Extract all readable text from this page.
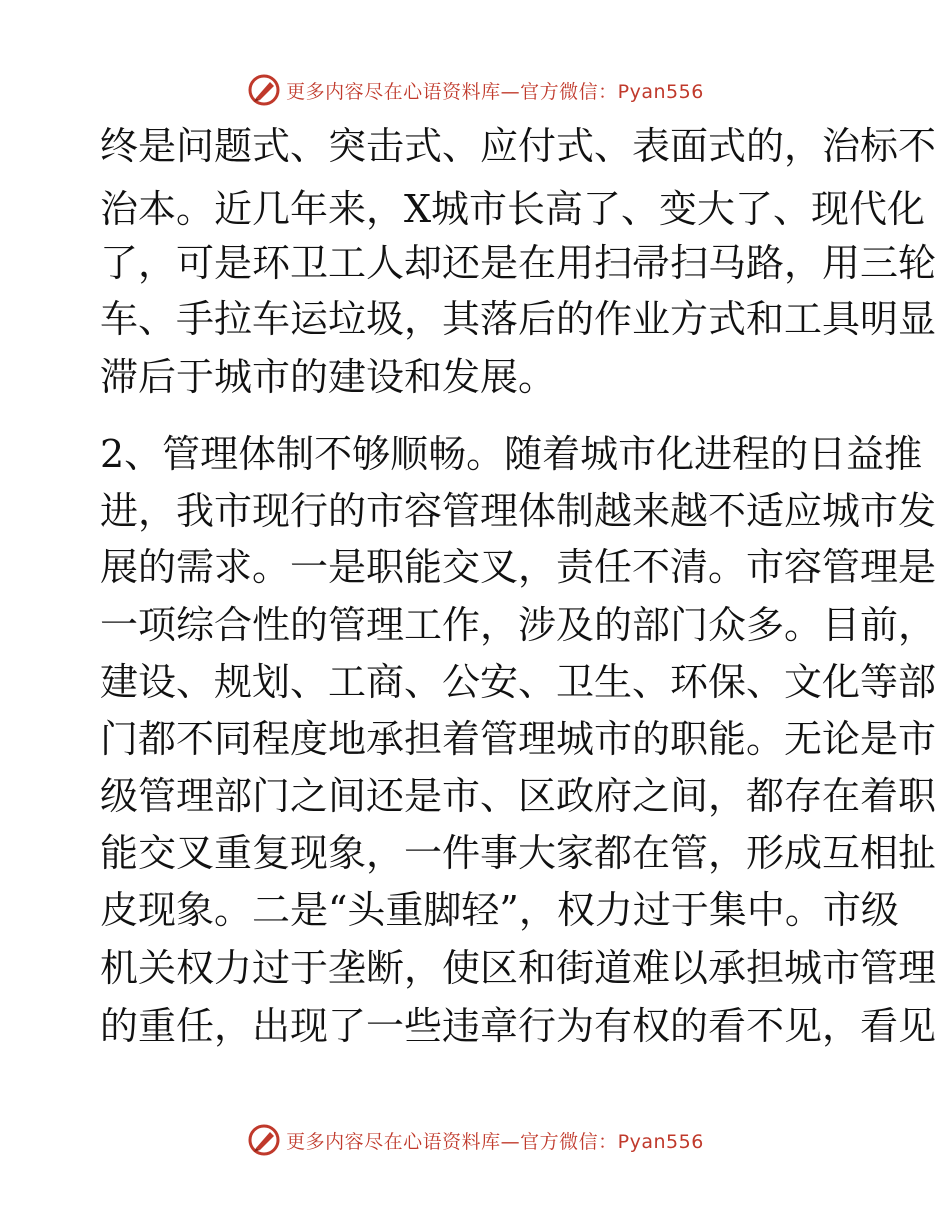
更多内容尽在心语资料库—官方微信：Pyan556
终是问题式、突击式、应付式、表面式的，治标不
治本。近几年来，X城市长高了、变大了、现代化
了，可是环卫工人却还是在用扫帚扫马路，用三轮
车、手拉车运垃圾，其落后的作业方式和工具明显
滞后于城市的建设和发展。
2、管理体制不够顺畅。随着城市化进程的日益推
进，我市现行的市容管理体制越来越不适应城市发
展的需求。一是职能交叉，责任不清。市容管理是
一项综合性的管理工作，涉及的部门众多。目前，
建设、规划、工商、公安、卫生、环保、文化等部
门都不同程度地承担着管理城市的职能。无论是市
级管理部门之间还是市、区政府之间，都存在着职
能交叉重复现象，一件事大家都在管，形成互相扯
皮现象。二是“头重脚轻”，权力过于集中。市级
机关权力过于垄断，使区和街道难以承担城市管理
的重任，出现了一些违章行为有权的看不见，看见
更多内容尽在心语资料库—官方微信：Pyan556
